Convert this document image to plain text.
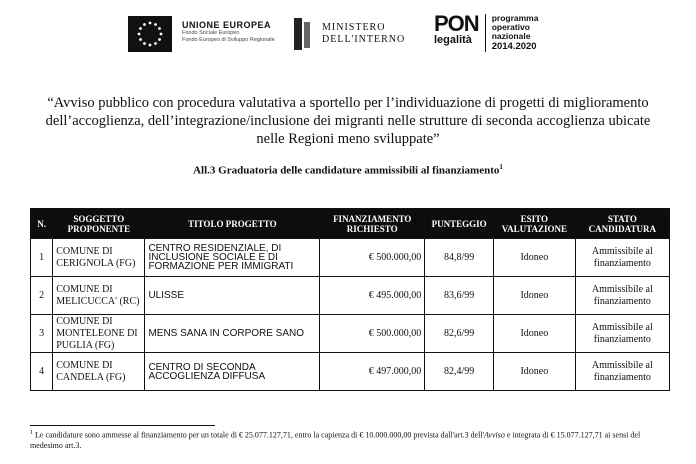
UNIONE EUROPEA
Fondo Sociale Europeo
Fondo Europeo di Sviluppo Regionale
MINISTERO
DELL'INTERNO
PON
legalità
programma
operativo
nazionale
2014.2020
“Avviso pubblico con procedura valutativa a sportello per l’individuazione di progetti di miglioramento dell’accoglienza, dell’integrazione/inclusione dei migranti nelle strutture di seconda accoglienza ubicate nelle Regioni meno sviluppate”
All.3 Graduatoria delle candidature ammissibili al finanziamento$^1$
N.	SOGGETTO PROPONENTE	TITOLO PROGETTO	FINANZIAMENTO RICHIESTO	PUNTEGGIO	ESITO VALUTAZIONE	STATO CANDIDATURA
1	COMUNE DI CERIGNOLA (FG)	CENTRO RESIDENZIALE, DI INCLUSIONE SOCIALE E DI FORMAZIONE PER IMMIGRATI	€ 500.000,00	84,8/99	Idoneo	Ammissibile al finanziamento
2	COMUNE DI MELICUCCA' (RC)	ULISSE	€ 495.000,00	83,6/99	Idoneo	Ammissibile al finanziamento
3	COMUNE DI MONTELEONE DI PUGLIA (FG)	MENS SANA IN CORPORE SANO	€ 500.000,00	82,6/99	Idoneo	Ammissibile al finanziamento
4	COMUNE DI CANDELA (FG)	CENTRO DI SECONDA ACCOGLIENZA DIFFUSA	€ 497.000,00	82,4/99	Idoneo	Ammissibile al finanziamento
$^1$ Le candidature sono ammesse al finanziamento per un totale di € 25.077.127,71, entro la capienza di € 10.000.000,00 prevista dall'art.3 dell'Avviso e integrata di € 15.077.127,71 ai sensi del medesimo art.3.
